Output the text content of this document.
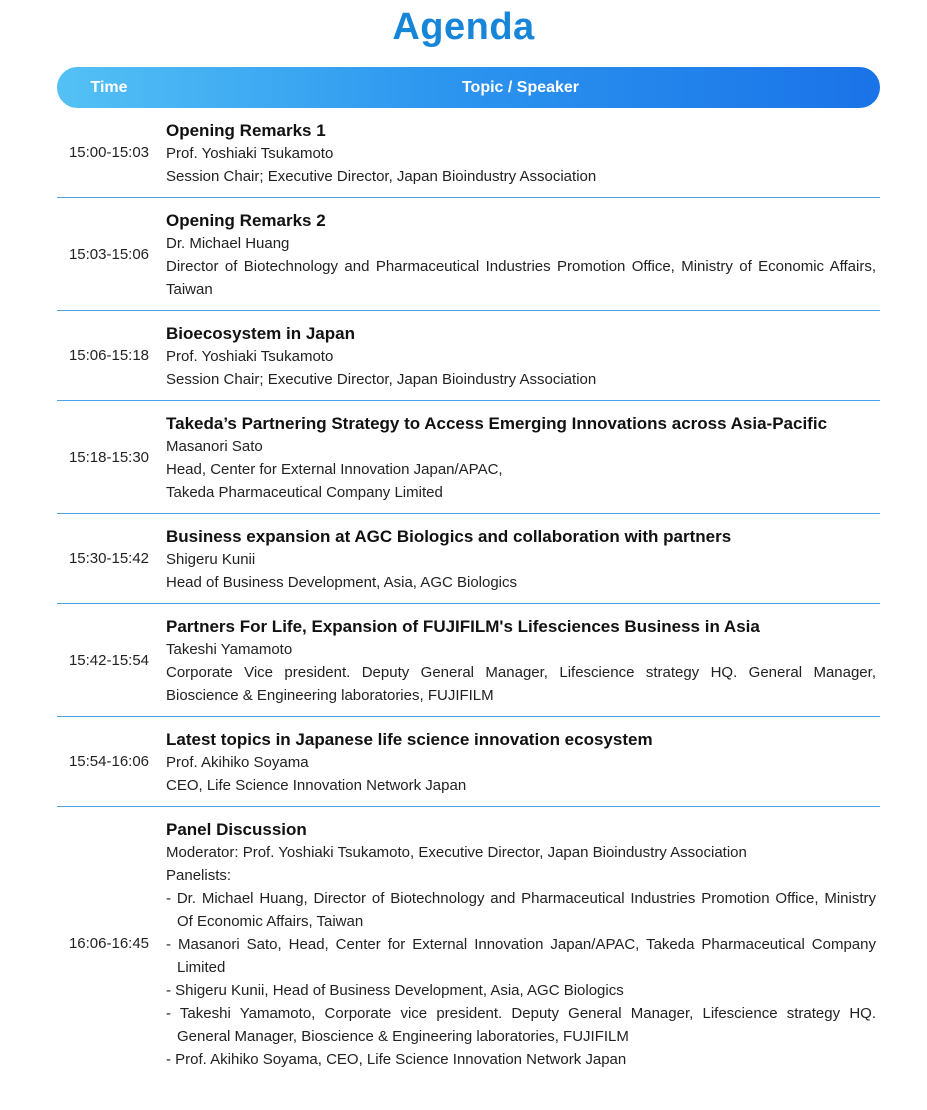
Agenda
Time	Topic / Speaker
15:00-15:03
Opening Remarks 1
Prof. Yoshiaki Tsukamoto
Session Chair; Executive Director, Japan Bioindustry Association
15:03-15:06
Opening Remarks 2
Dr. Michael Huang
Director of Biotechnology and Pharmaceutical Industries Promotion Office, Ministry of Economic Affairs, Taiwan
15:06-15:18
Bioecosystem in Japan
Prof. Yoshiaki Tsukamoto
Session Chair; Executive Director, Japan Bioindustry Association
15:18-15:30
Takeda’s Partnering Strategy to Access Emerging Innovations across Asia-Pacific
Masanori Sato
Head, Center for External Innovation Japan/APAC,
Takeda Pharmaceutical Company Limited
15:30-15:42
Business expansion at AGC Biologics and collaboration with partners
Shigeru Kunii
Head of Business Development, Asia, AGC Biologics
15:42-15:54
Partners For Life, Expansion of FUJIFILM's Lifesciences Business in Asia
Takeshi Yamamoto
Corporate Vice president. Deputy General Manager, Lifescience strategy HQ. General Manager, Bioscience & Engineering laboratories, FUJIFILM
15:54-16:06
Latest topics in Japanese life science innovation ecosystem
Prof. Akihiko Soyama
CEO, Life Science Innovation Network Japan
16:06-16:45
Panel Discussion
Moderator: Prof. Yoshiaki Tsukamoto, Executive Director, Japan Bioindustry Association
Panelists:
- Dr. Michael Huang, Director of Biotechnology and Pharmaceutical Industries Promotion Office, Ministry Of Economic Affairs, Taiwan
- Masanori Sato, Head, Center for External Innovation Japan/APAC, Takeda Pharmaceutical Company Limited
- Shigeru Kunii, Head of Business Development, Asia, AGC Biologics
- Takeshi Yamamoto, Corporate vice president. Deputy General Manager, Lifescience strategy HQ. General Manager, Bioscience & Engineering laboratories, FUJIFILM
- Prof. Akihiko Soyama, CEO, Life Science Innovation Network Japan
